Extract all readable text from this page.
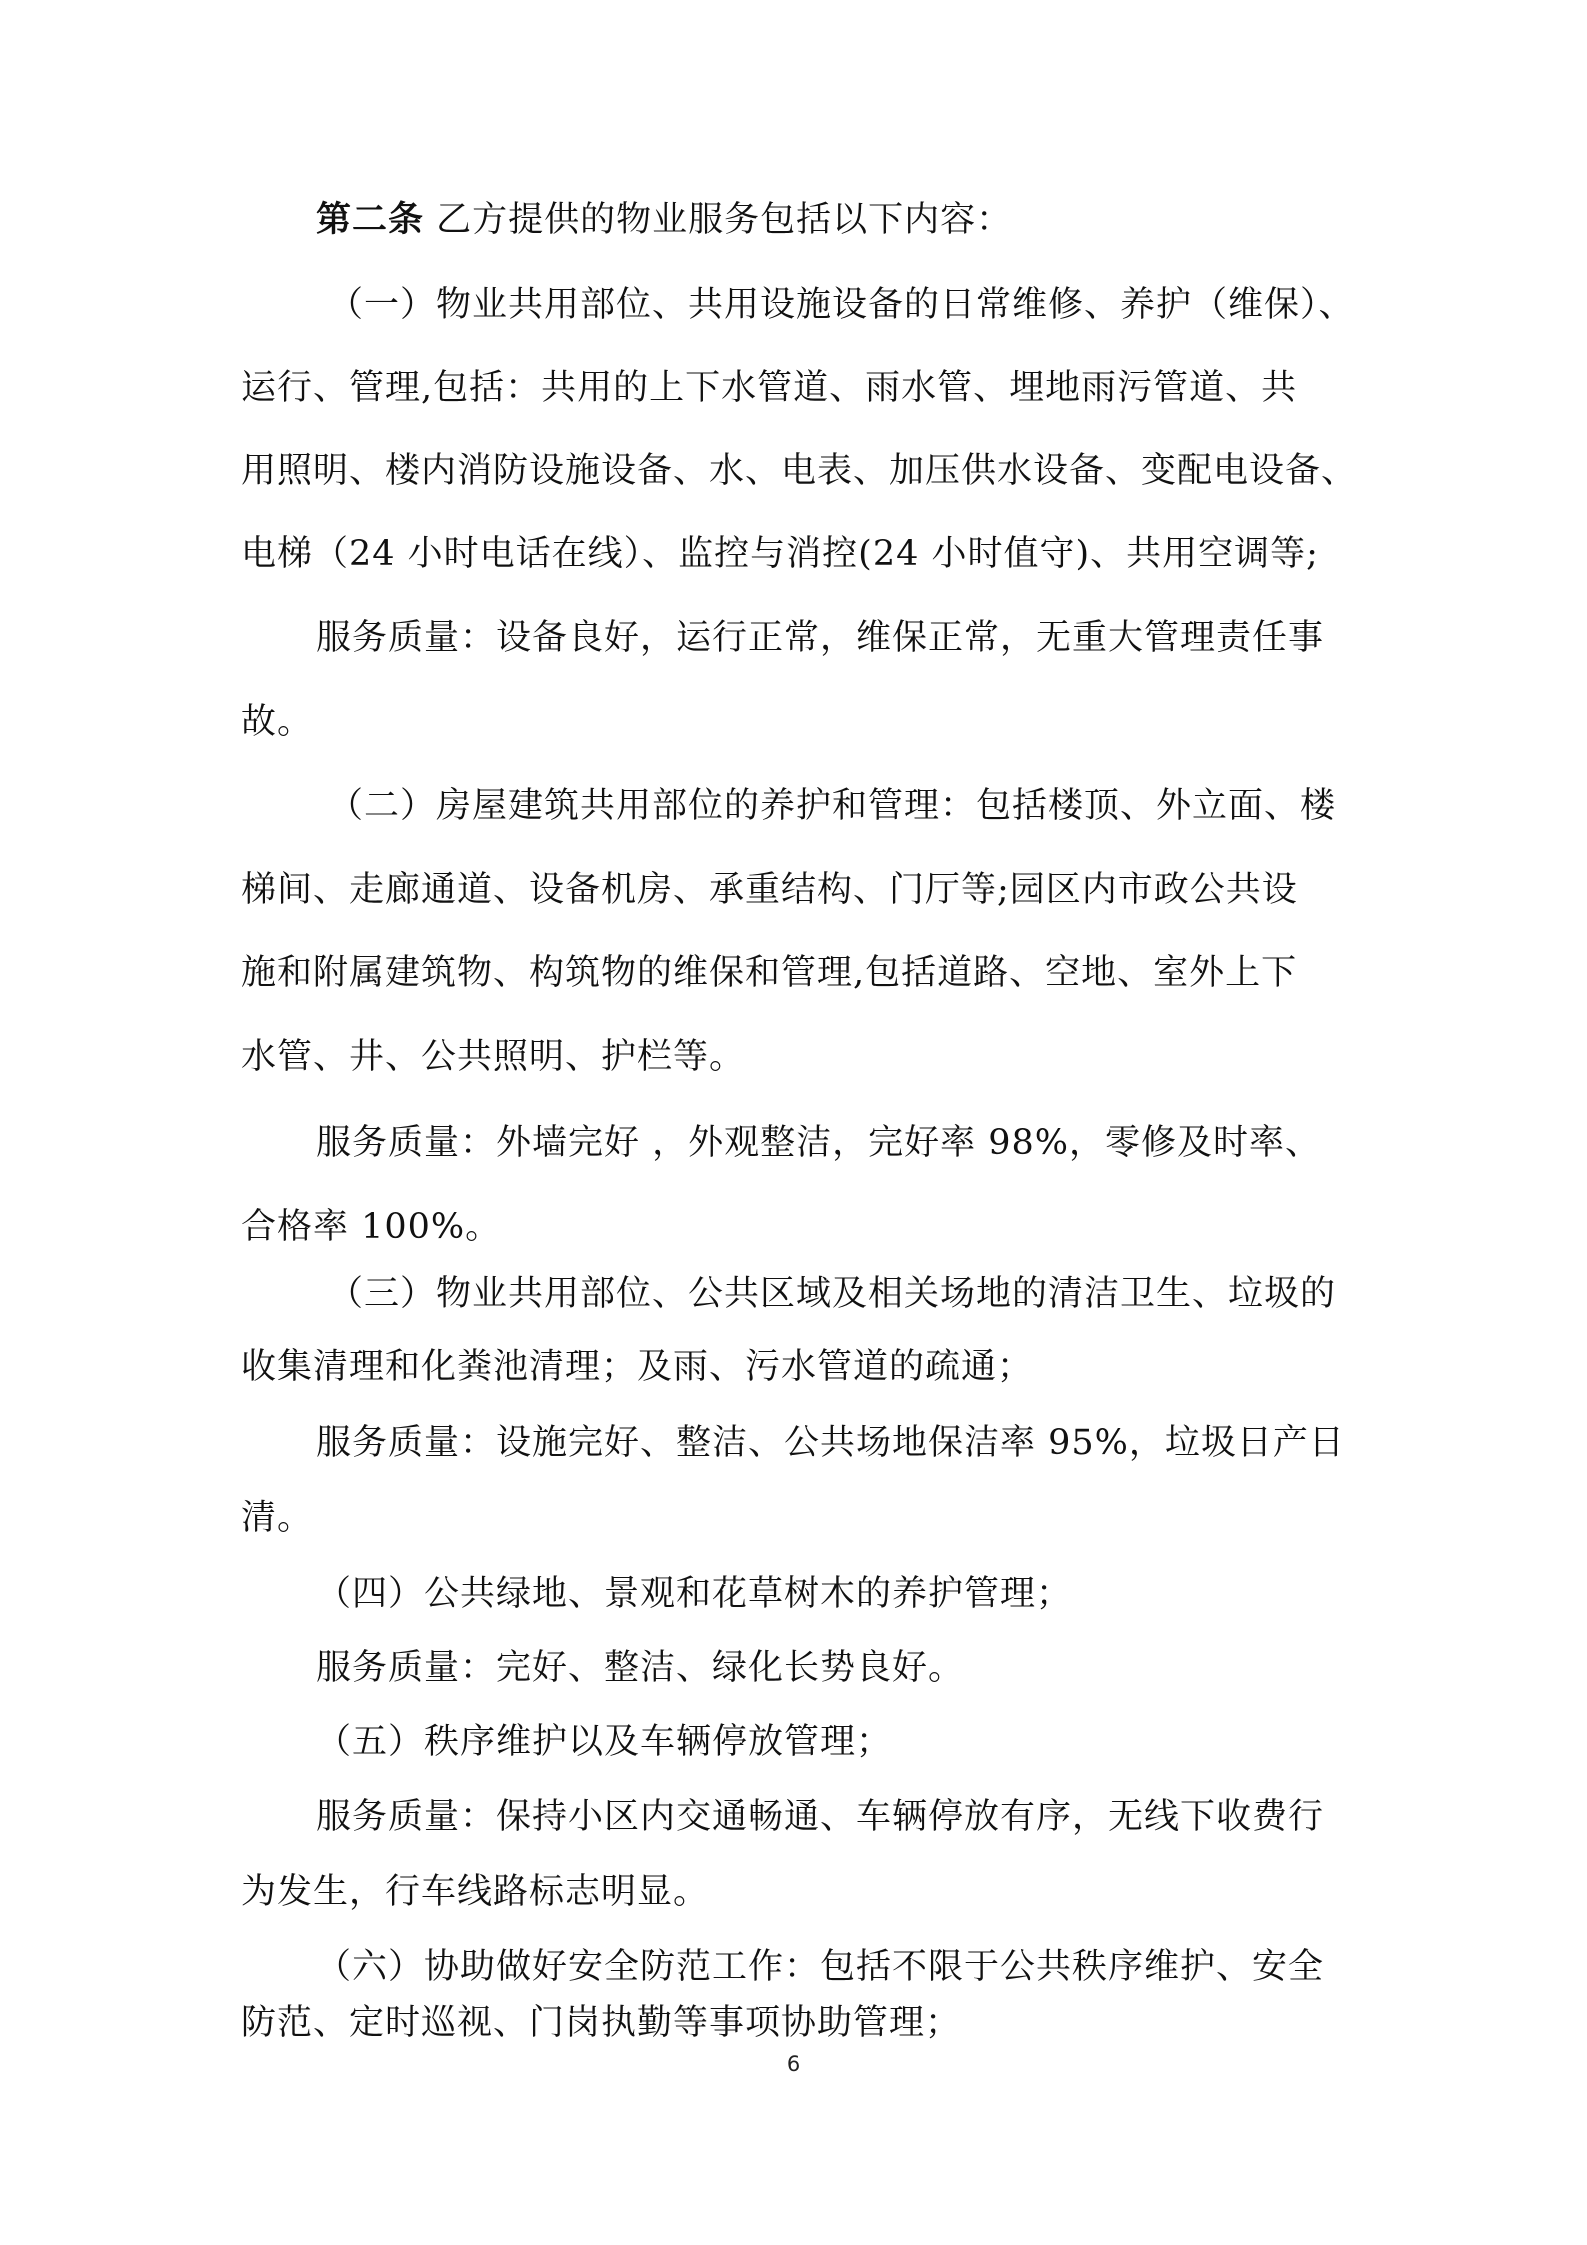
第二条 乙方提供的物业服务包括以下内容：
（一）物业共用部位、共用设施设备的日常维修、养护（维保）、
运行、管理,包括：共用的上下水管道、雨水管、埋地雨污管道、共
用照明、楼内消防设施设备、水、电表、加压供水设备、变配电设备、
电梯（24 小时电话在线）、监控与消控(24 小时值守)、共用空调等;
服务质量：设备良好，运行正常，维保正常，无重大管理责任事
故。
（二）房屋建筑共用部位的养护和管理：包括楼顶、外立面、楼
梯间、走廊通道、设备机房、承重结构、门厅等;园区内市政公共设
施和附属建筑物、构筑物的维保和管理,包括道路、空地、室外上下
水管、井、公共照明、护栏等。
服务质量：外墙完好 ，外观整洁，完好率 98%，零修及时率、
合格率 100%。
（三）物业共用部位、公共区域及相关场地的清洁卫生、垃圾的
收集清理和化粪池清理；及雨、污水管道的疏通；
服务质量：设施完好、整洁、公共场地保洁率 95%，垃圾日产日
清。
（四）公共绿地、景观和花草树木的养护管理；
服务质量：完好、整洁、绿化长势良好。
（五）秩序维护以及车辆停放管理；
服务质量：保持小区内交通畅通、车辆停放有序，无线下收费行
为发生，行车线路标志明显。
（六）协助做好安全防范工作：包括不限于公共秩序维护、安全
防范、定时巡视、门岗执勤等事项协助管理；
6
